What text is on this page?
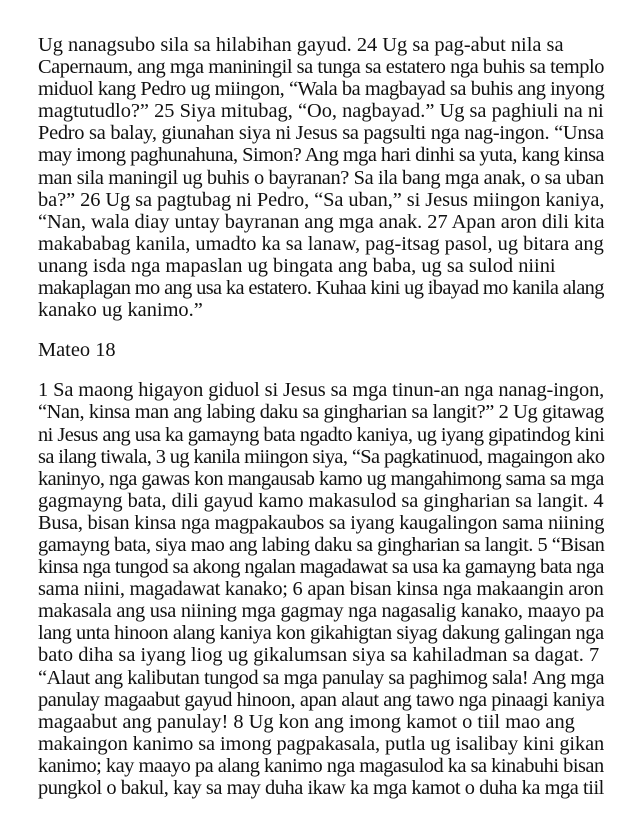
Ug nanagsubo sila sa hilabihan gayud. 24 Ug sa pag-abut nila sa
Capernaum, ang mga maniningil sa tunga sa estatero nga buhis sa templo
miduol kang Pedro ug miingon, “Wala ba magbayad sa buhis ang inyong
magtutudlo?” 25 Siya mitubag, “Oo, nagbayad.” Ug sa paghiuli na ni
Pedro sa balay, giunahan siya ni Jesus sa pagsulti nga nag-ingon. “Unsa
may imong paghunahuna, Simon? Ang mga hari dinhi sa yuta, kang kinsa
man sila maningil ug buhis o bayranan? Sa ila bang mga anak, o sa uban
ba?” 26 Ug sa pagtubag ni Pedro, “Sa uban,” si Jesus miingon kaniya,
“Nan, wala diay untay bayranan ang mga anak. 27 Apan aron dili kita
makababag kanila, umadto ka sa lanaw, pag-itsag pasol, ug bitara ang
unang isda nga mapaslan ug bingata ang baba, ug sa sulod niini
makaplagan mo ang usa ka estatero. Kuhaa kini ug ibayad mo kanila alang
kanako ug kanimo.”

Mateo 18

1 Sa maong higayon giduol si Jesus sa mga tinun-an nga nanag-ingon,
“Nan, kinsa man ang labing daku sa gingharian sa langit?” 2 Ug gitawag
ni Jesus ang usa ka gamayng bata ngadto kaniya, ug iyang gipatindog kini
sa ilang tiwala, 3 ug kanila miingon siya, “Sa pagkatinuod, magaingon ako
kaninyo, nga gawas kon mangausab kamo ug mangahimong sama sa mga
gagmayng bata, dili gayud kamo makasulod sa gingharian sa langit. 4
Busa, bisan kinsa nga magpakaubos sa iyang kaugalingon sama niining
gamayng bata, siya mao ang labing daku sa gingharian sa langit. 5 “Bisan
kinsa nga tungod sa akong ngalan magadawat sa usa ka gamayng bata nga
sama niini, magadawat kanako; 6 apan bisan kinsa nga makaangin aron
makasala ang usa niining mga gagmay nga nagasalig kanako, maayo pa
lang unta hinoon alang kaniya kon gikahigtan siyag dakung galingan nga
bato diha sa iyang liog ug gikalumsan siya sa kahiladman sa dagat. 7
“Alaut ang kalibutan tungod sa mga panulay sa paghimog sala! Ang mga
panulay magaabut gayud hinoon, apan alaut ang tawo nga pinaagi kaniya
magaabut ang panulay! 8 Ug kon ang imong kamot o tiil mao ang
makaingon kanimo sa imong pagpakasala, putla ug isalibay kini gikan
kanimo; kay maayo pa alang kanimo nga magasulod ka sa kinabuhi bisan
pungkol o bakul, kay sa may duha ikaw ka mga kamot o duha ka mga tiil
